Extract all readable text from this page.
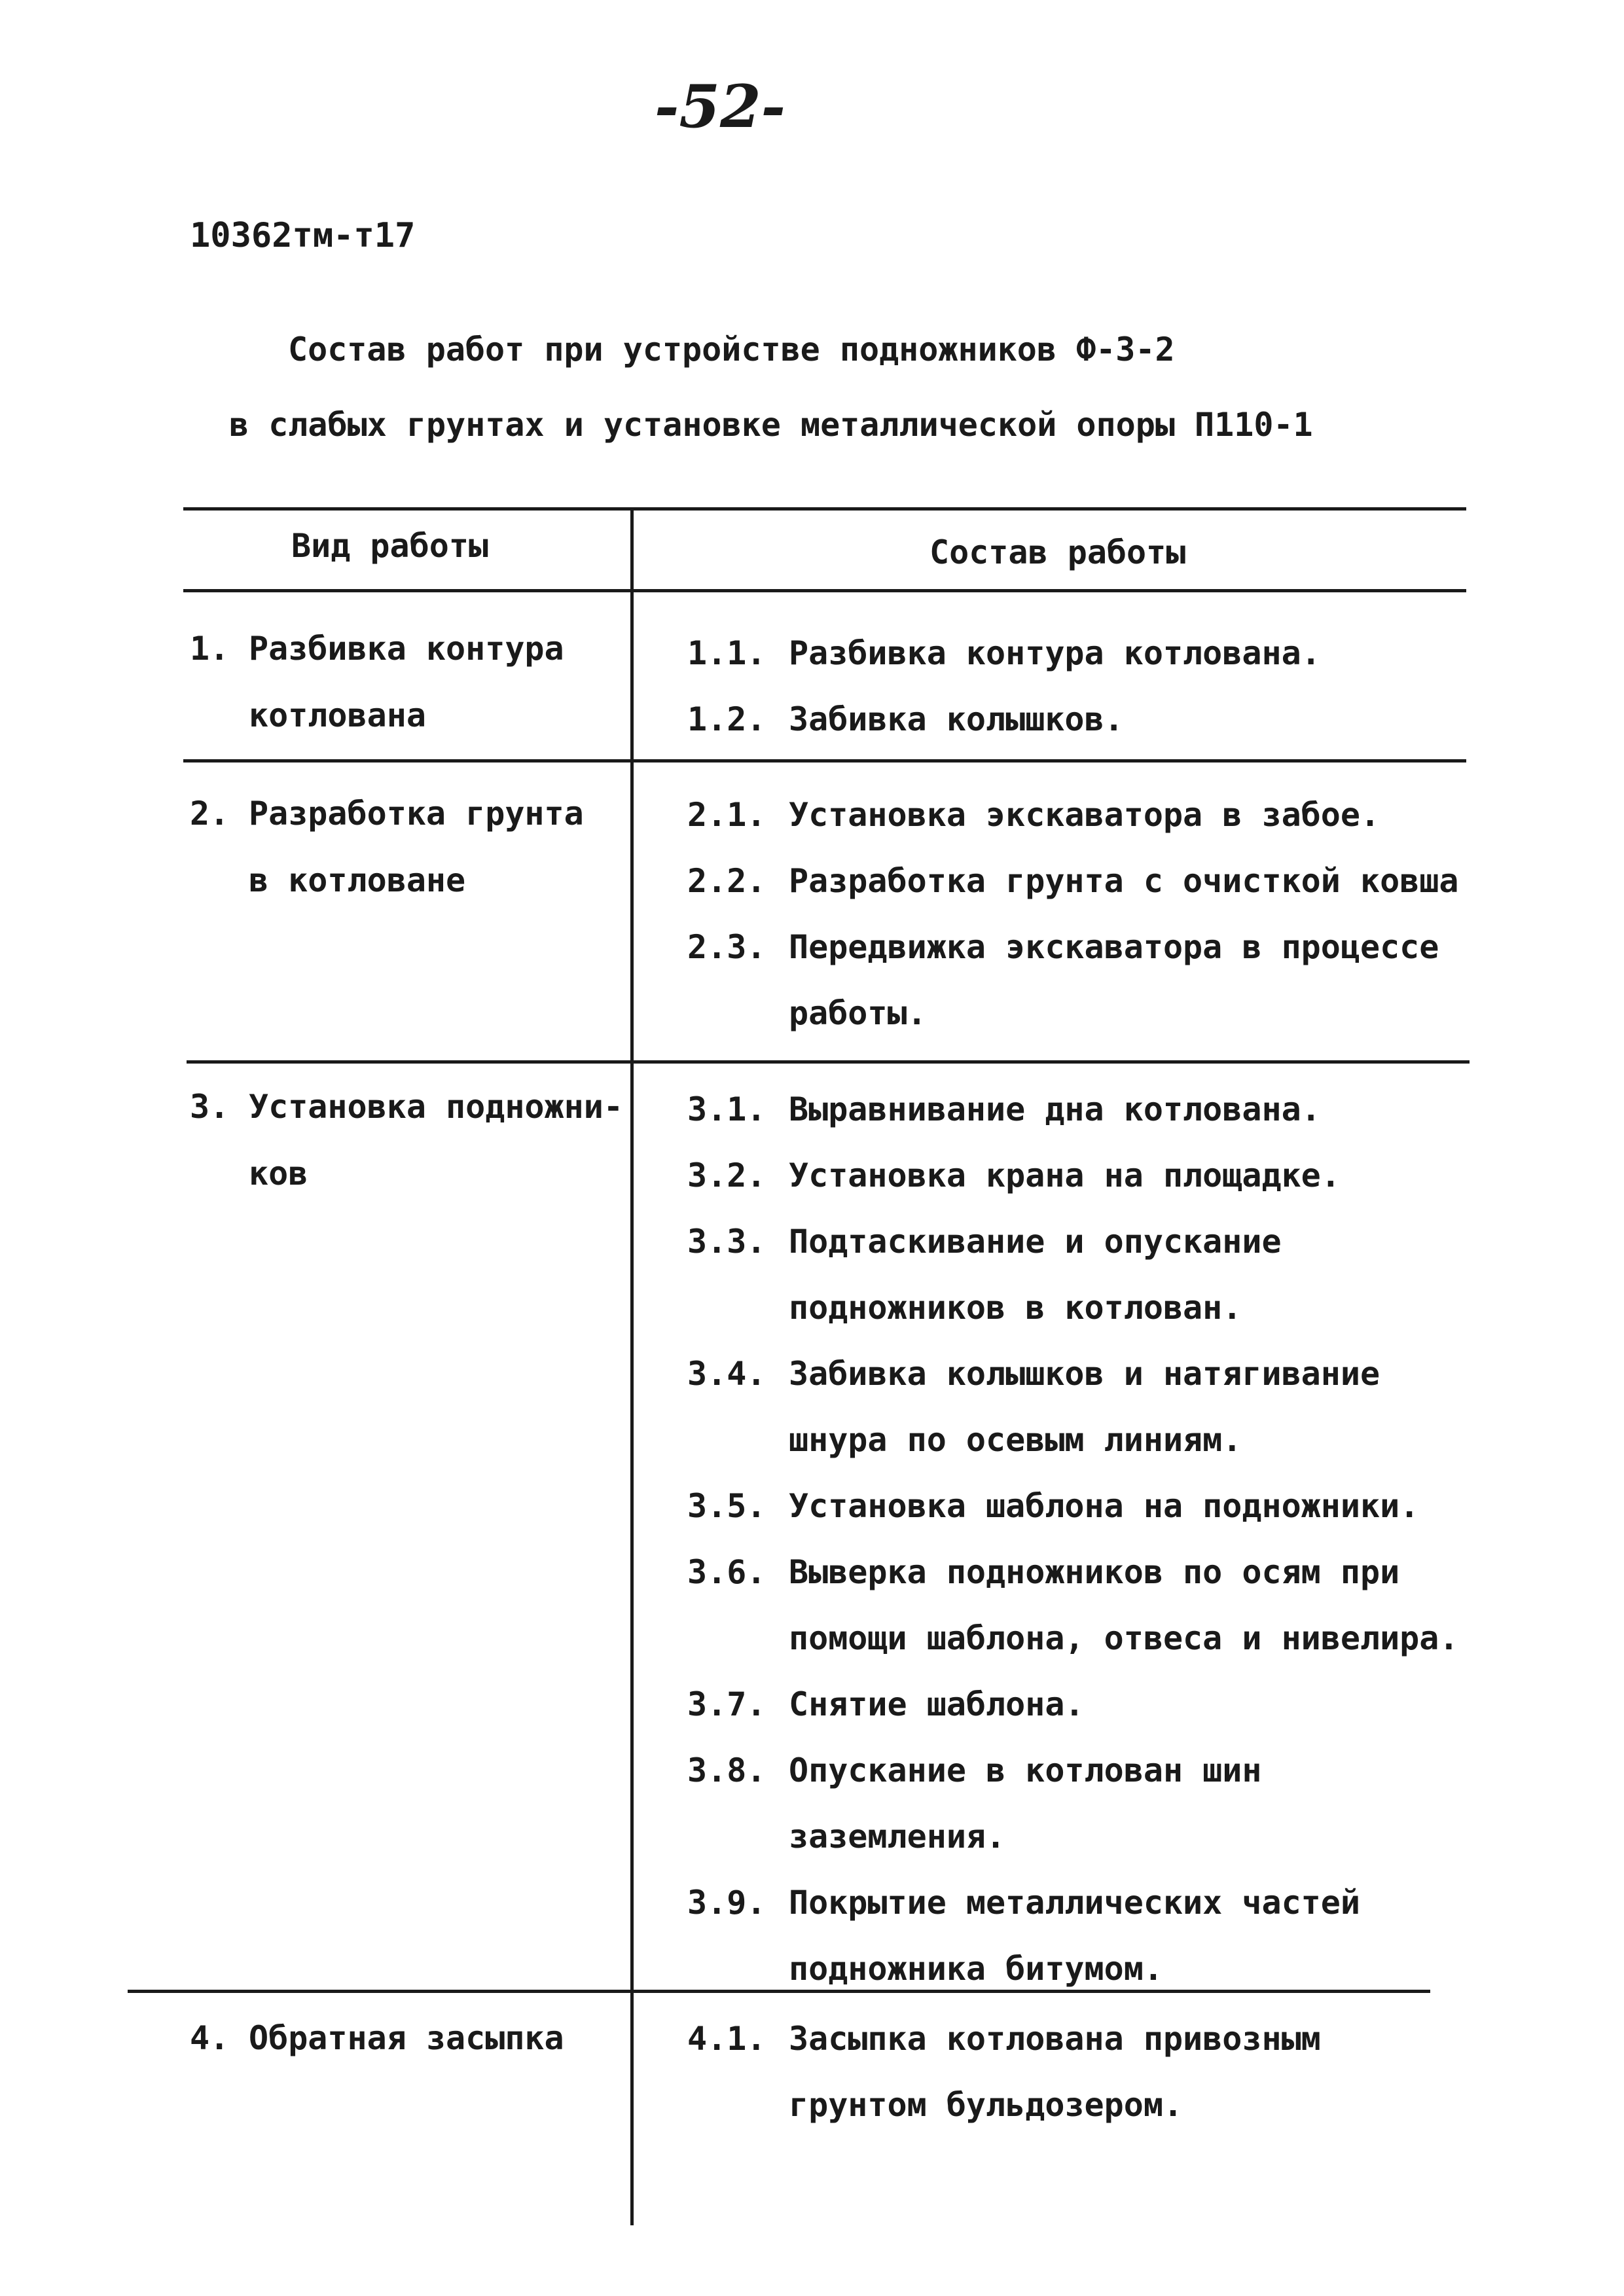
-52-
10362тм-т17
Состав работ при устройстве подножников Ф-3-2
в слабых грунтах и установке металлической опоры П110-1
Вид работы	Состав работы
1. Разбивка контура
котлована
1.1. Разбивка контура котлована.
1.2. Забивка колышков.
2. Разработка грунта
в котловане
2.1. Установка экскаватора в забое.
2.2. Разработка грунта с очисткой ковша
2.3. Передвижка экскаватора в процессе работы.
3. Установка подножни-
ков
3.1. Выравнивание дна котлована.
3.2. Установка крана на площадке.
3.3. Подтаскивание и опускание подножников в котлован.
3.4. Забивка колышков и натягивание шнура по осевым линиям.
3.5. Установка шаблона на подножники.
3.6. Выверка подножников по осям при помощи шаблона, отвеса и нивелира.
3.7. Снятие шаблона.
3.8. Опускание в котлован шин заземления.
3.9. Покрытие металлических частей подножника битумом.
4. Обратная засыпка	4.1. Засыпка котлована привозным грунтом бульдозером.
